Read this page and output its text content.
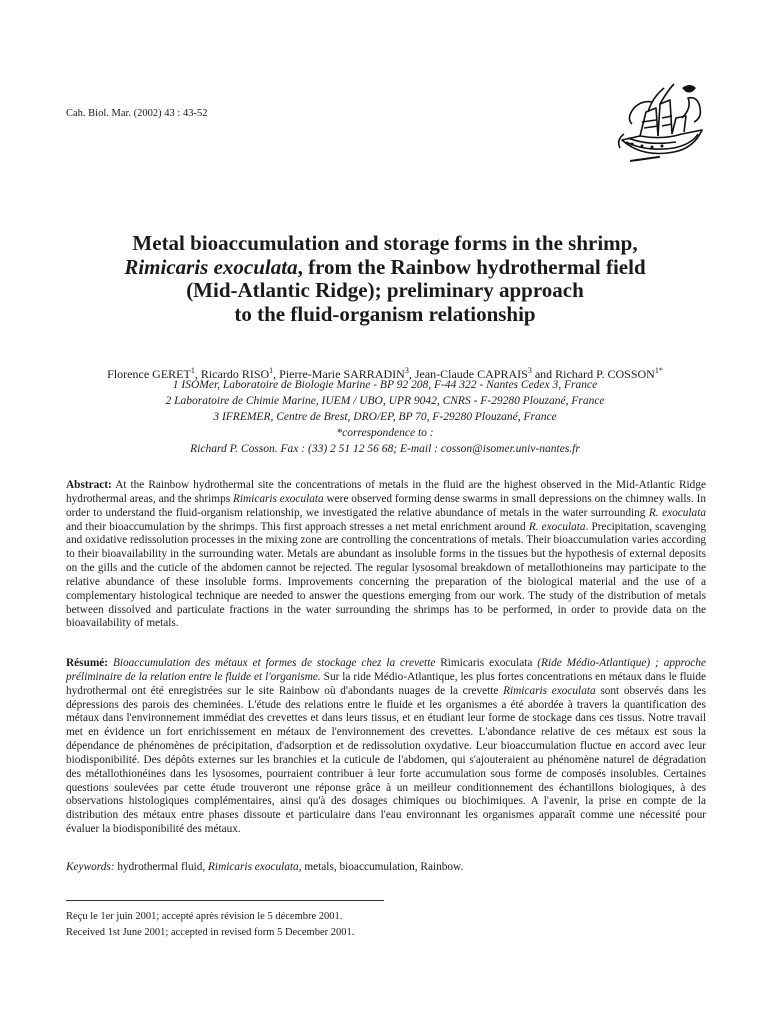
Cah. Biol. Mar. (2002) 43 : 43-52
Metal bioaccumulation and storage forms in the shrimp,
Rimicaris exoculata, from the Rainbow hydrothermal field
(Mid-Atlantic Ridge); preliminary approach
to the fluid-organism relationship
Florence GERET$^1$, Ricardo RISO$^1$, Pierre-Marie SARRADIN$^3$, Jean-Claude CAPRAIS$^3$ and Richard P. $COSSON^{1*}$
1 ISOMer, Laboratoire de Biologie Marine - BP 92 208, F-44 322 - Nantes Cedex 3, France
2 Laboratoire de Chimie Marine, IUEM / UBO, UPR 9042, CNRS - F-29280 Plouzané, France
3 IFREMER, Centre de Brest, DRO/EP, BP 70, F-29280 Plouzané, France
*correspondence to :
Richard P. Cosson. Fax : (33) 2 51 12 56 68; E-mail : cosson@isomer.univ-nantes.fr
Abstract: At the Rainbow hydrothermal site the concentrations of metals in the fluid are the highest observed in the Mid-Atlantic Ridge hydrothermal areas, and the shrimps Rimicaris exoculata were observed forming dense swarms in small depressions on the chimney walls. In order to understand the fluid-organism relationship, we investigated the relative abundance of metals in the water surrounding R. exoculata and their bioaccumulation by the shrimps. This first approach stresses a net metal enrichment around R. exoculata. Precipitation, scavenging and oxidative redissolution processes in the mixing zone are controlling the concentrations of metals. Their bioaccumulation varies according to their bioavailability in the surrounding water. Metals are abundant as insoluble forms in the tissues but the hypothesis of external deposits on the gills and the cuticle of the abdomen cannot be rejected. The regular lysosomal breakdown of metallothioneins may participate to the relative abundance of these insoluble forms. Improvements concerning the preparation of the biological material and the use of a complementary histological technique are needed to answer the questions emerging from our work. The study of the distribution of metals between dissolved and particulate fractions in the water surrounding the shrimps has to be performed, in order to provide data on the bioavailability of metals.
Résumé: Bioaccumulation des métaux et formes de stockage chez la crevette Rimicaris exoculata (Ride Médio-Atlantique) ; approche préliminaire de la relation entre le fluide et l'organisme. Sur la ride Médio-Atlantique, les plus fortes concentrations en métaux dans le fluide hydrothermal ont été enregistrées sur le site Rainbow où d'abondants nuages de la crevette Rimicaris exoculata sont observés dans les dépressions des parois des cheminées. L'étude des relations entre le fluide et les organismes a été abordée à travers la quantification des métaux dans l'environnement immédiat des crevettes et dans leurs tissus, et en étudiant leur forme de stockage dans ces tissus. Notre travail met en évidence un fort enrichissement en métaux de l'environnement des crevettes. L'abondance relative de ces métaux est sous la dépendance de phénomènes de précipitation, d'adsorption et de redissolution oxydative. Leur bioaccumulation fluctue en accord avec leur biodisponibilité. Des dépôts externes sur les branchies et la cuticule de l'abdomen, qui s'ajouteraient au phénomène naturel de dégradation des métallothionéines dans les lysosomes, pourraient contribuer à leur forte accumulation sous forme de composés insolubles. Certaines questions soulevées par cette étude trouveront une réponse grâce à un meilleur conditionnement des échantillons biologiques, à des observations histologiques complémentaires, ainsi qu'à des dosages chimiques ou biochimiques. A l'avenir, la prise en compte de la distribution des métaux entre phases dissoute et particulaire dans l'eau environnant les organismes apparaît comme une nécessité pour évaluer la biodisponibilité des métaux.
Keywords: hydrothermal fluid, Rimicaris exoculata, metals, bioaccumulation, Rainbow.
Reçu le 1er juin 2001; accepté après révision le 5 décembre 2001.
Received 1st June 2001; accepted in revised form 5 December 2001.
